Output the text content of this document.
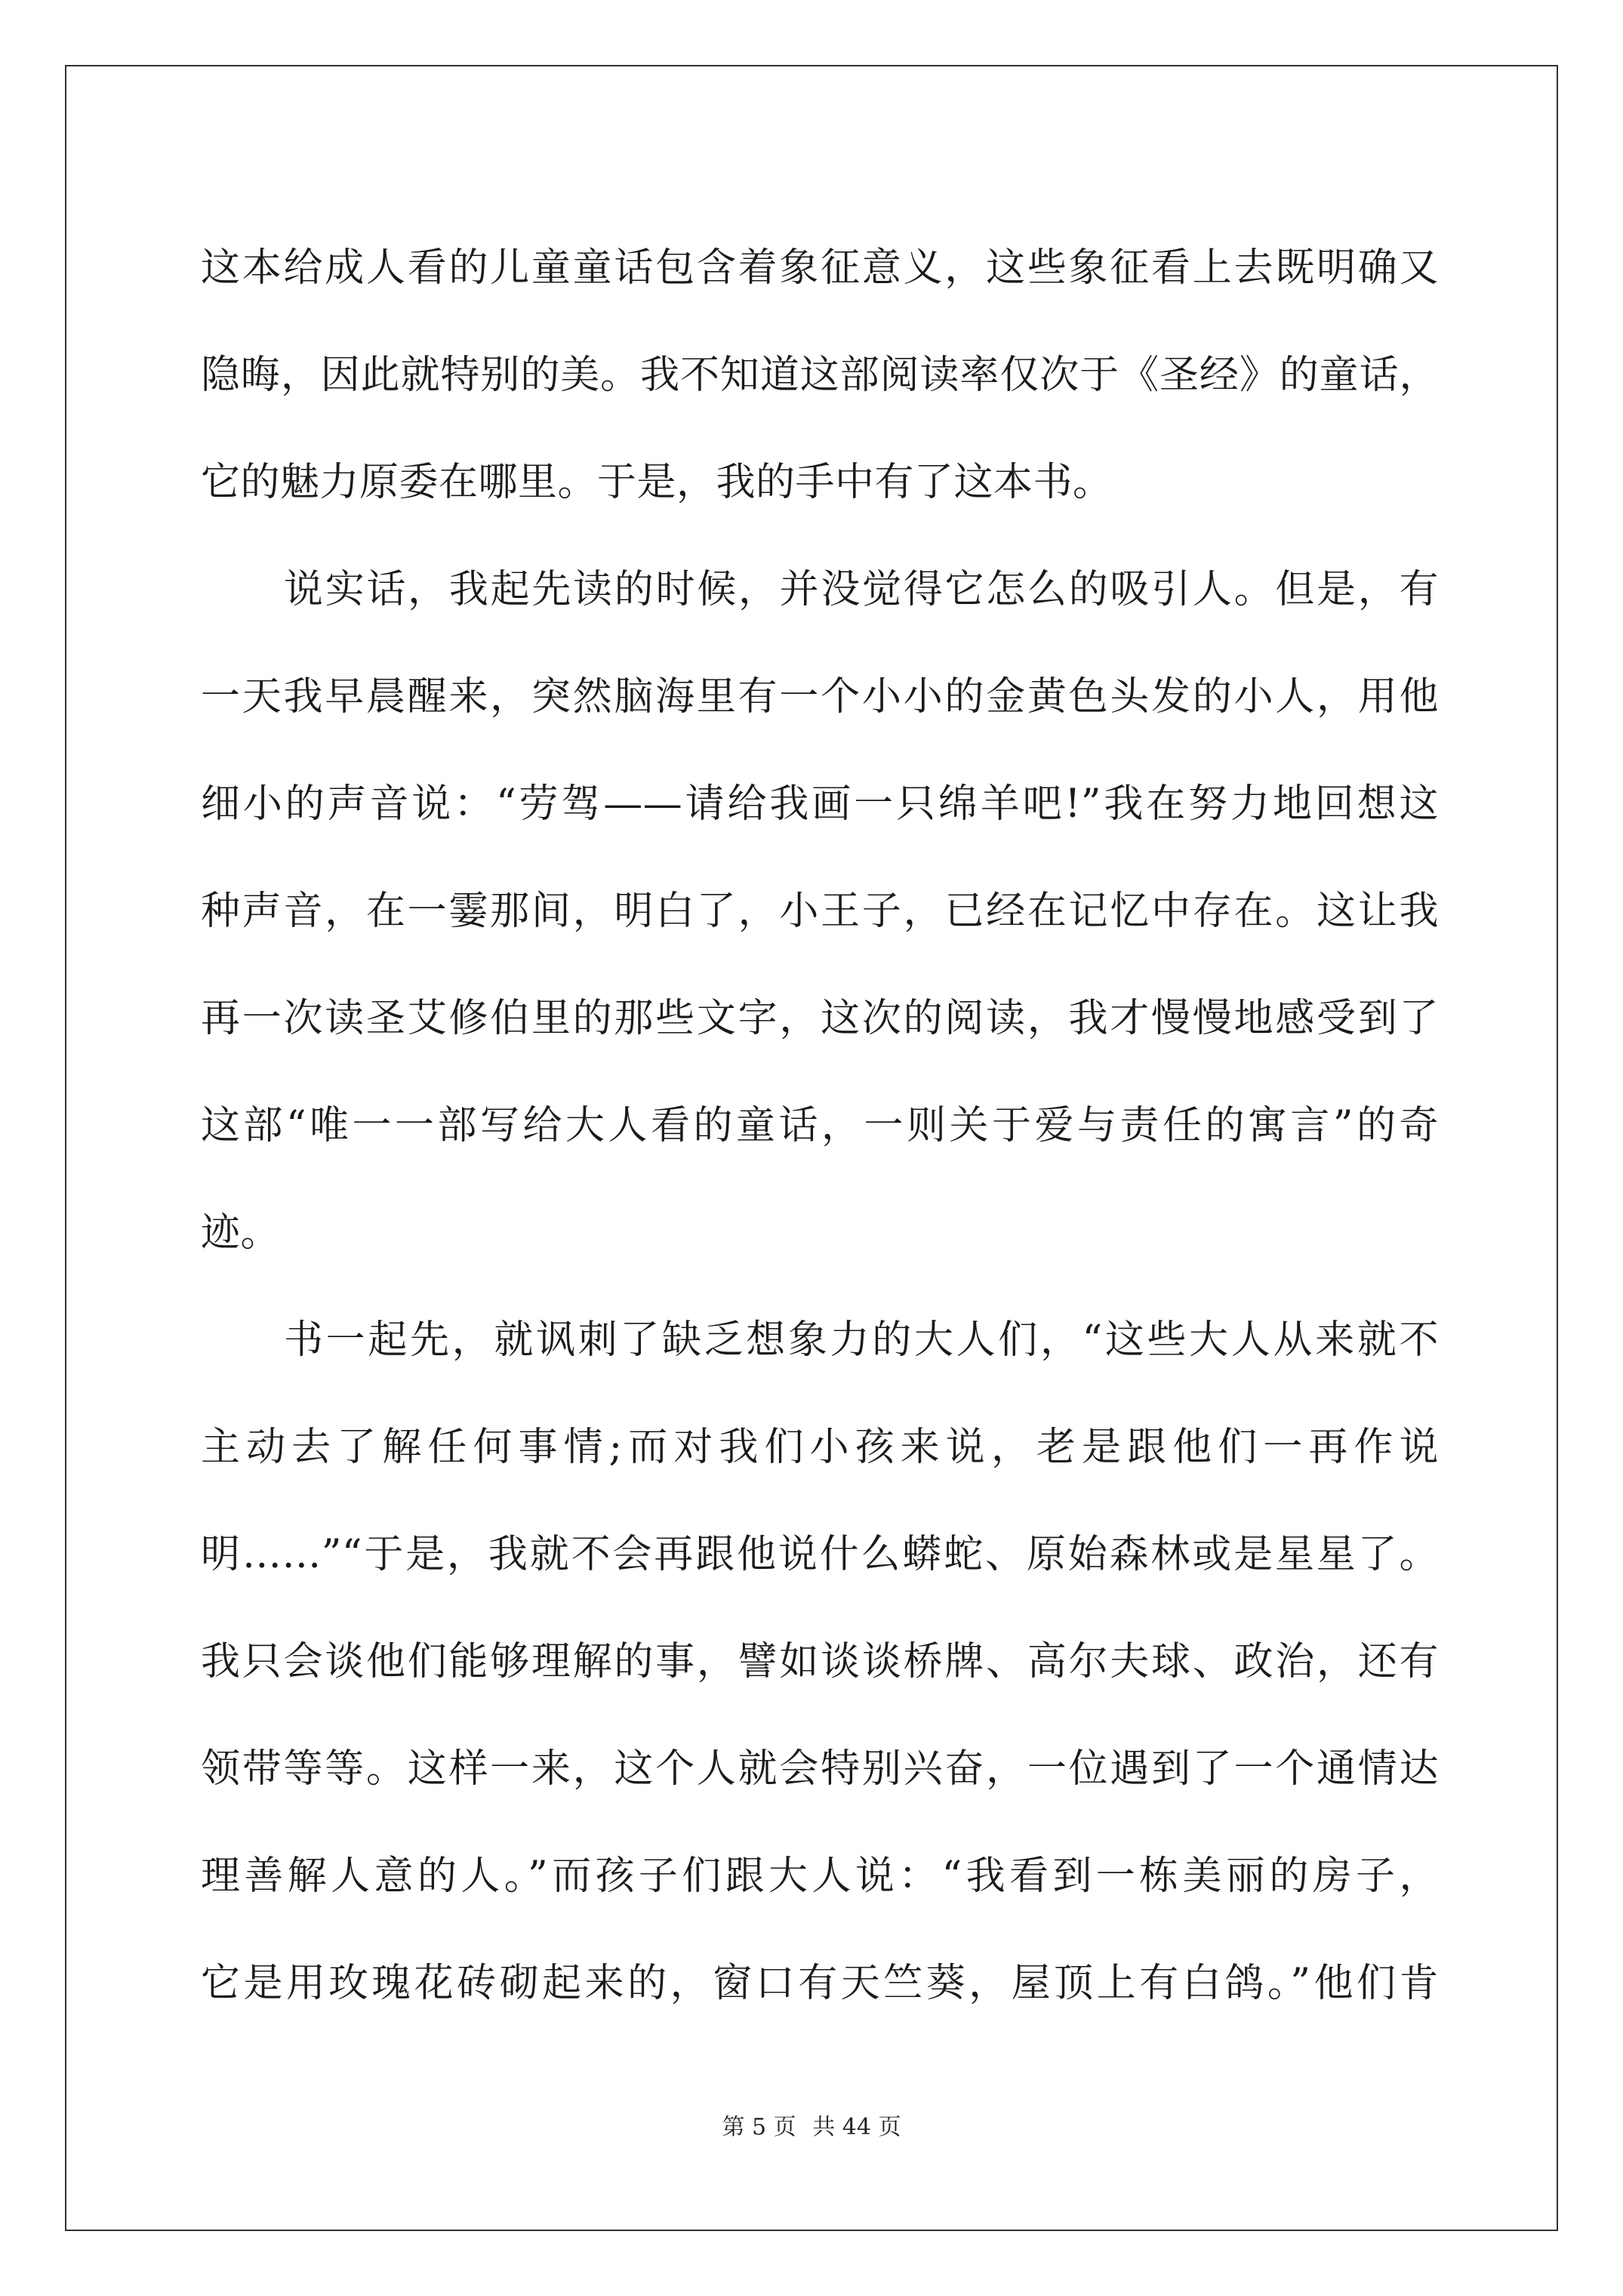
这本给成人看的儿童童话包含着象征意义，这些象征看上去既明确又
隐晦，因此就特别的美。我不知道这部阅读率仅次于《圣经》的童话，
它的魅力原委在哪里。于是，我的手中有了这本书。
说实话，我起先读的时候，并没觉得它怎么的吸引人。但是，有
一天我早晨醒来，突然脑海里有一个小小的金黄色头发的小人，用他
细小的声音说：“劳驾——请给我画一只绵羊吧!”我在努力地回想这
种声音，在一霎那间，明白了，小王子，已经在记忆中存在。这让我
再一次读圣艾修伯里的那些文字，这次的阅读，我才慢慢地感受到了
这部“唯一一部写给大人看的童话，一则关于爱与责任的寓言”的奇
迹。
书一起先，就讽刺了缺乏想象力的大人们，“这些大人从来就不
主动去了解任何事情;而对我们小孩来说，老是跟他们一再作说
明……”“于是，我就不会再跟他说什么蟒蛇、原始森林或是星星了。
我只会谈他们能够理解的事，譬如谈谈桥牌、高尔夫球、政治，还有
领带等等。这样一来，这个人就会特别兴奋，一位遇到了一个通情达
理善解人意的人。”而孩子们跟大人说：“我看到一栋美丽的房子，
它是用玫瑰花砖砌起来的，窗口有天竺葵，屋顶上有白鸽。”他们肯
第 5 页 共 44 页
